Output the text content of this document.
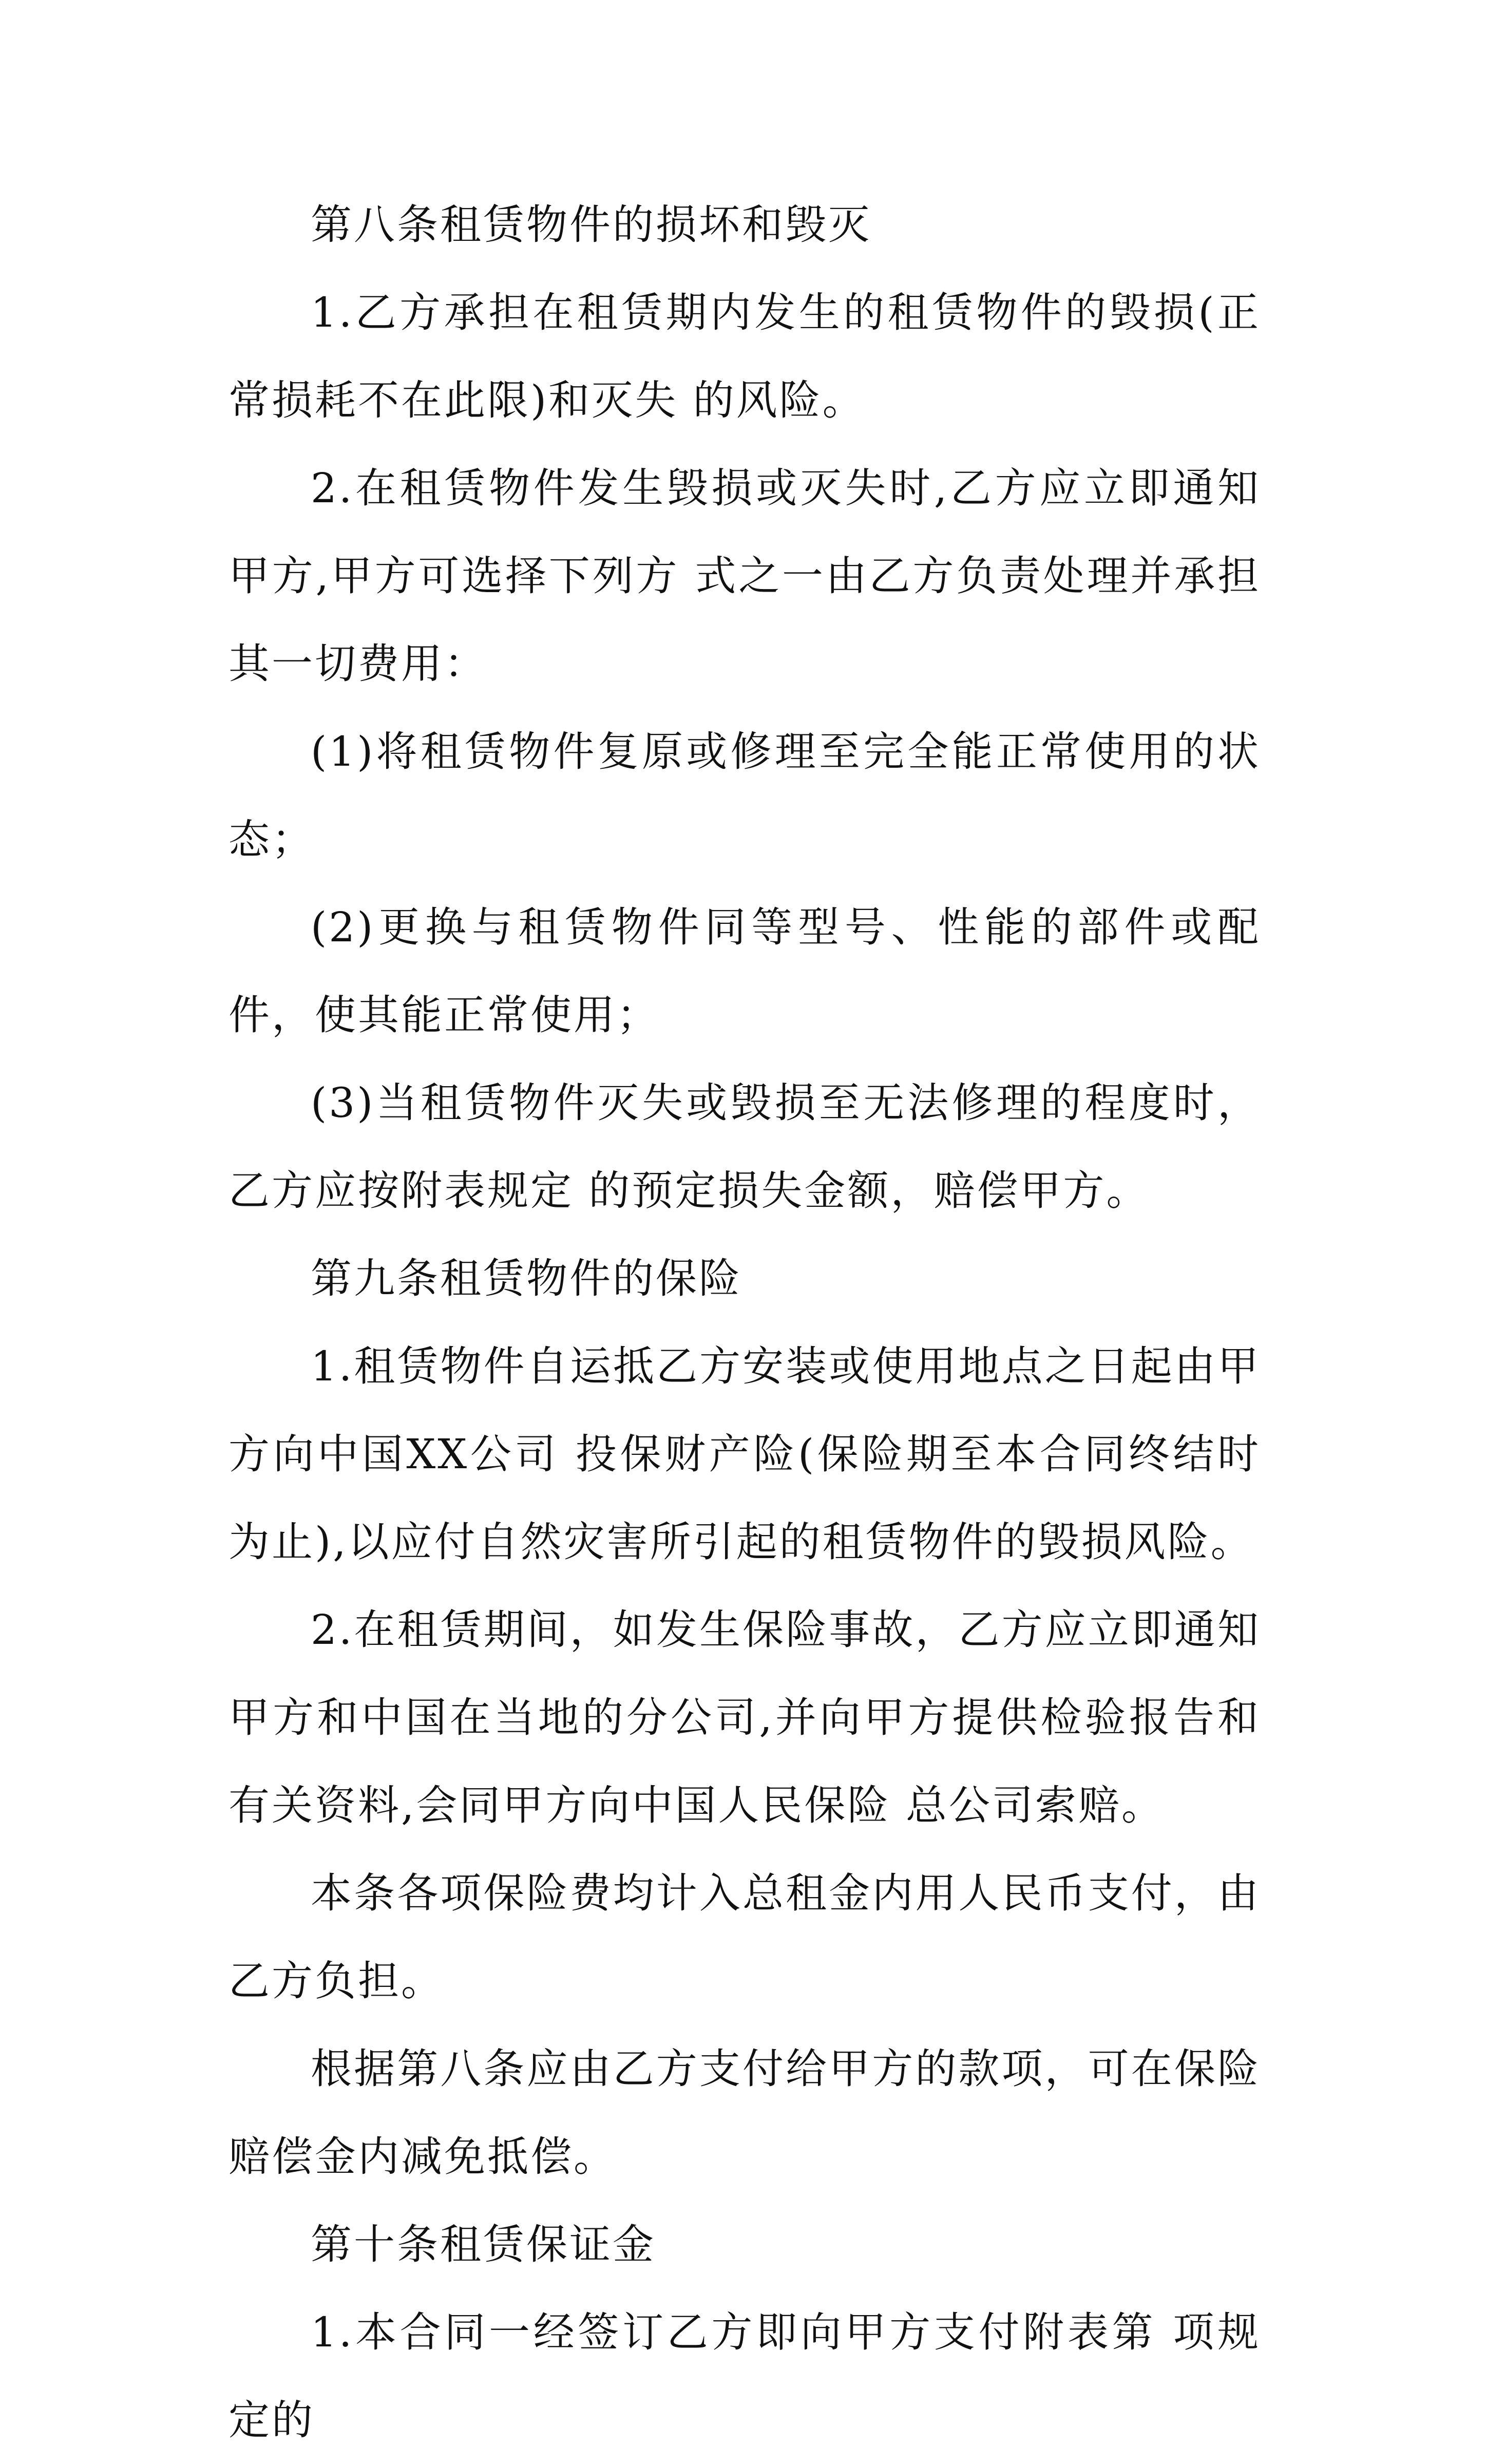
第八条租赁物件的损坏和毁灭

1.乙方承担在租赁期内发生的租赁物件的毁损(正常损耗不在此限)和灭失 的风险。

2.在租赁物件发生毁损或灭失时,乙方应立即通知甲方,甲方可选择下列方 式之一由乙方负责处理并承担其一切费用：

(1)将租赁物件复原或修理至完全能正常使用的状态；

(2)更换与租赁物件同等型号、性能的部件或配件，使其能正常使用；

(3)当租赁物件灭失或毁损至无法修理的程度时，乙方应按附表规定 的预定损失金额，赔偿甲方。

第九条租赁物件的保险

1.租赁物件自运抵乙方安装或使用地点之日起由甲方向中国XX公司 投保财产险(保险期至本合同终结时为止),以应付自然灾害所引起的租赁物件的毁损风险。

2.在租赁期间，如发生保险事故，乙方应立即通知甲方和中国在当地的分公司,并向甲方提供检验报告和有关资料,会同甲方向中国人民保险 总公司索赔。

本条各项保险费均计入总租金内用人民币支付，由乙方负担。

根据第八条应由乙方支付给甲方的款项，可在保险赔偿金内减免抵偿。

第十条租赁保证金

1.本合同一经签订乙方即向甲方支付附表第 项规定的
